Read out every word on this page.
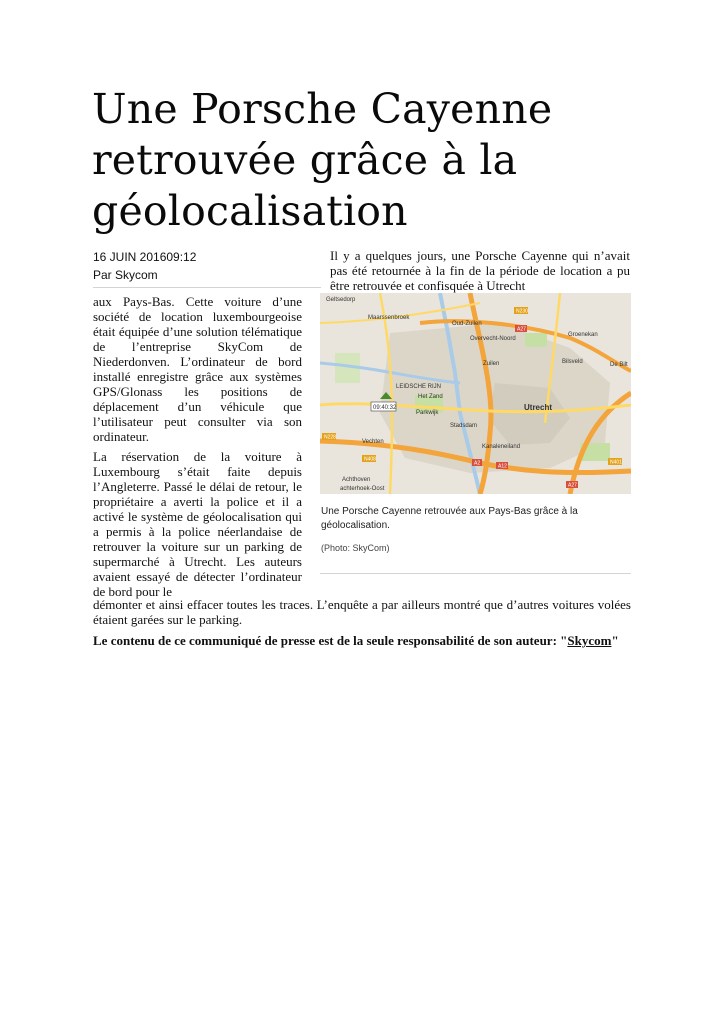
Une Porsche Cayenne
retrouvée grâce à la
géolocalisation
16 JUIN 201609:12
Par Skycom

Il y a quelques jours, une Porsche Cayenne qui n’avait pas été retournée à la fin de la période de location a pu être retrouvée et confisquée à Utrecht

Geltsedorp
Maarssenbroek
Oud-Zuilen
Overvecht-Noord
Groenekan
Zuilen	Bilsveld	De Bilt
LEIDSCHE RIJN
Het Zand
Parkwijk
Utrecht
Stadsdam
Kanaleneiland
Vechten
Achthoven
achterhoek-Oost
N230
A2
A27
A12
N408
A27
N401
N228
09:40:32

Une Porsche Cayenne retrouvée aux Pays-Bas grâce à la géolocalisation.

(Photo: SkyCom)

aux Pays-Bas. Cette voiture d’une société de location luxembourgeoise était équipée d’une solution télématique de l’entreprise SkyCom de Niederdonven. L’ordinateur de bord installé enregistre grâce aux systèmes GPS/Glonass les positions de déplacement d’un véhicule que l’utilisateur peut consulter via son ordinateur.

La réservation de la voiture à Luxembourg s’était faite depuis l’Angleterre. Passé le délai de retour, le propriétaire a averti la police et il a activé le système de géolocalisation qui a permis à la police néerlandaise de retrouver la voiture sur un parking de supermarché à Utrecht. Les auteurs avaient essayé de détecter l’ordinateur de bord pour le

démonter et ainsi effacer toutes les traces. L’enquête a par ailleurs montré que d’autres voitures volées étaient garées sur le parking.

Le contenu de ce communiqué de presse est de la seule responsabilité de son auteur: "Skycom"
